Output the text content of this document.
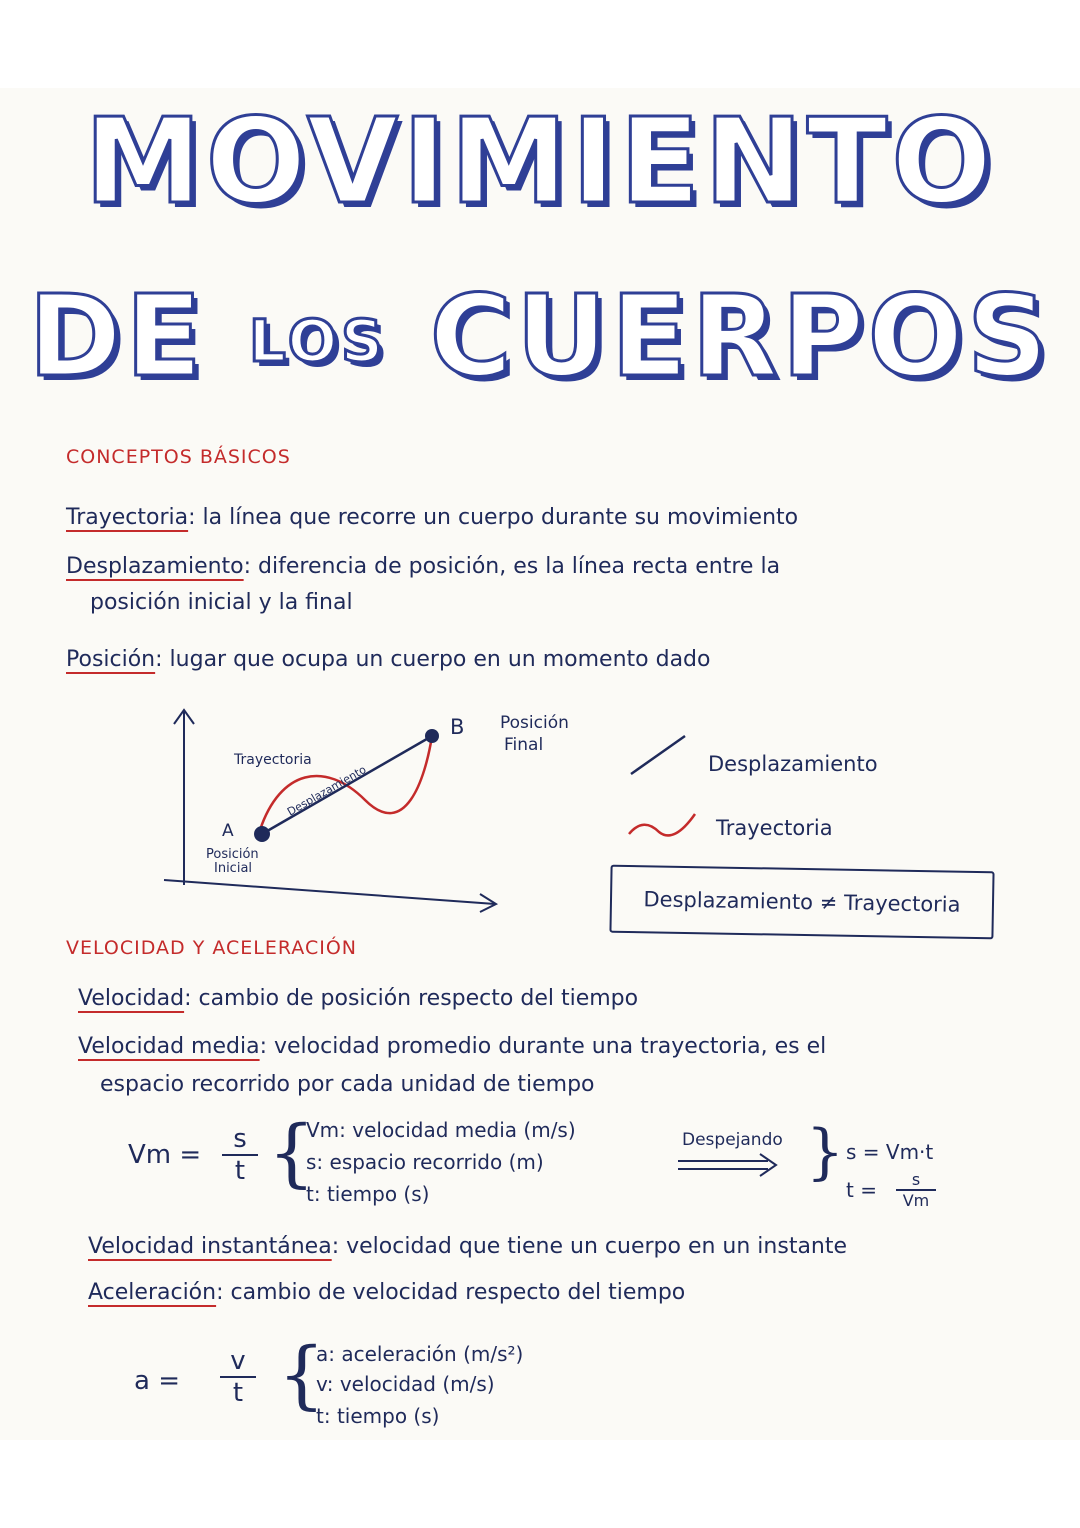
MOVIMIENTO
DE LOS CUERPOS
CONCEPTOS BÁSICOS
Trayectoria: la línea que recorre un cuerpo durante su movimiento
Desplazamiento: diferencia de posición, es la línea recta entre la
posición inicial y la final
Posición: lugar que ocupa un cuerpo en un momento dado
A
Posición
Inicial
B Posición
Final
Trayectoria
Desplazamiento	Desplazamiento
Trayectoria
Desplazamiento ≠ Trayectoria
VELOCIDAD Y ACELERACIÓN
Velocidad: cambio de posición respecto del tiempo
Velocidad media: velocidad promedio durante una trayectoria, es el
espacio recorrido por cada unidad de tiempo
$Vm = \frac{s}{t}$ {
Vm: velocidad media (m/s)
s: espacio recorrido (m)
t: tiempo (s)
Despejando } s = Vm·t
$t = \frac{s}{Vm}$
Velocidad instantánea: velocidad que tiene un cuerpo en un instante
Aceleración: cambio de velocidad respecto del tiempo
$a = \frac{v}{t}$ {
a: aceleración (m/s²)
v: velocidad (m/s)
t: tiempo (s)
